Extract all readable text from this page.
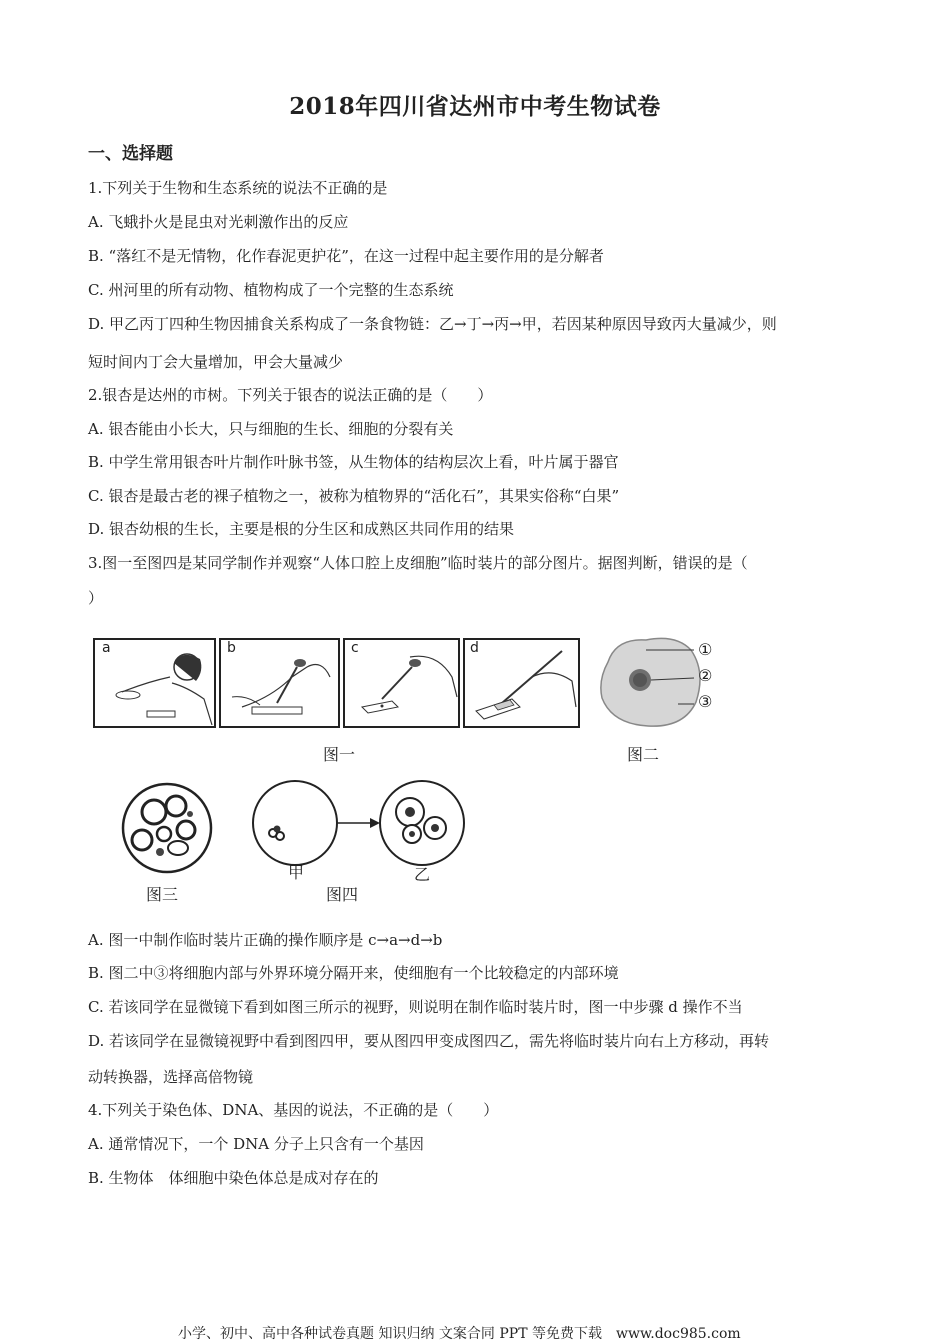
2018年四川省达州市中考生物试卷
一、选择题
1.下列关于生物和生态系统的说法不正确的是
A. 飞蛾扑火是昆虫对光刺激作出的反应
B. “落红不是无情物，化作春泥更护花”，在这一过程中起主要作用的是分解者
C. 州河里的所有动物、植物构成了一个完整的生态系统
D. 甲乙丙丁四种生物因捕食关系构成了一条食物链：乙→丁→丙→甲，若因某种原因导致丙大量减少，则
短时间内丁会大量增加，甲会大量减少
2.银杏是达州的市树。下列关于银杏的说法正确的是（　　）
A. 银杏能由小长大，只与细胞的生长、细胞的分裂有关
B. 中学生常用银杏叶片制作叶脉书签，从生物体的结构层次上看，叶片属于器官
C. 银杏是最古老的裸子植物之一，被称为植物界的“活化石”，其果实俗称“白果”
D. 银杏幼根的生长，主要是根的分生区和成熟区共同作用的结果
3.图一至图四是某同学制作并观察“人体口腔上皮细胞”临时装片的部分图片。据图判断，错误的是（
）
a	b	c	d
图一
①
②
③
图二
图三
甲	乙
图四
A. 图一中制作临时装片正确的操作顺序是 c→a→d→b
B. 图二中③将细胞内部与外界环境分隔开来，使细胞有一个比较稳定的内部环境
C. 若该同学在显微镜下看到如图三所示的视野，则说明在制作临时装片时，图一中步骤 d 操作不当
D. 若该同学在显微镜视野中看到图四甲，要从图四甲变成图四乙，需先将临时装片向右上方移动，再转
动转换器，选择高倍物镜
4.下列关于染色体、DNA、基因的说法，不正确的是（　　）
A. 通常情况下，一个 DNA 分子上只含有一个基因
B. 生物体　体细胞中染色体总是成对存在的
小学、初中、高中各种试卷真题 知识归纳 文案合同 PPT 等免费下载　www.doc985.com
